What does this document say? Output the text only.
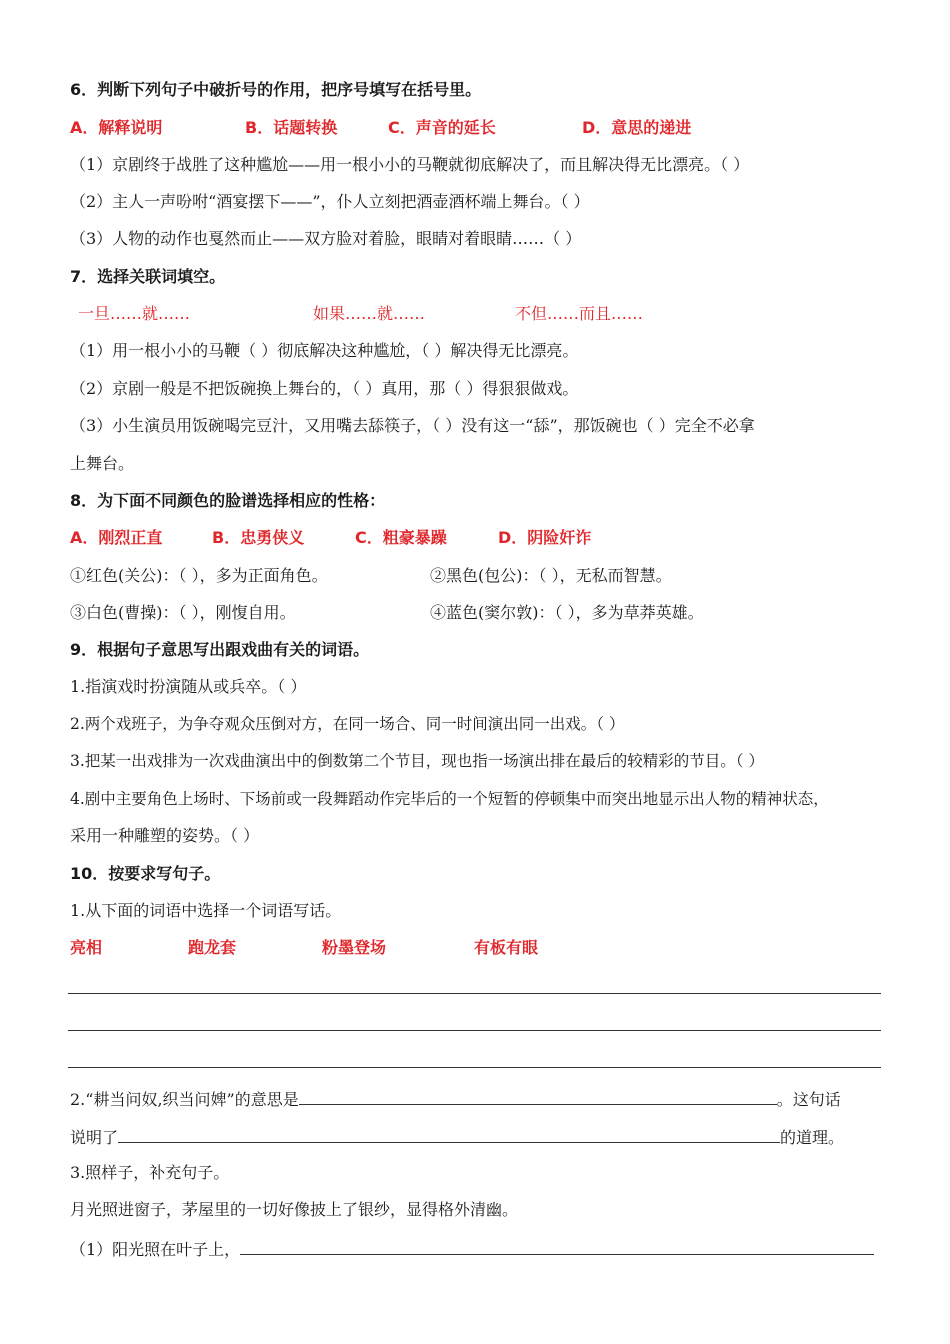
6．判断下列句子中破折号的作用，把序号填写在括号里。
A．解释说明	B．话题转换	C．声音的延长	D．意思的递进
（1）京剧终于战胜了这种尴尬——用一根小小的马鞭就彻底解决了，而且解决得无比漂亮。（ ）
（2）主人一声吩咐“酒宴摆下——”，仆人立刻把酒壶酒杯端上舞台。（ ）
（3）人物的动作也戛然而止——双方脸对着脸，眼睛对着眼睛……（ ）
7．选择关联词填空。
一旦……就……	如果……就……	不但……而且……
（1）用一根小小的马鞭（ ）彻底解决这种尴尬，（ ）解决得无比漂亮。
（2）京剧一般是不把饭碗换上舞台的，（ ）真用，那（ ）得狠狠做戏。
（3）小生演员用饭碗喝完豆汁，又用嘴去舔筷子，（ ）没有这一“舔”，那饭碗也（ ）完全不必拿
上舞台。
8．为下面不同颜色的脸谱选择相应的性格：
A．刚烈正直	B．忠勇侠义	C．粗豪暴躁	D．阴险奸诈
①红色(关公)：（ ），多为正面角色。	②黑色(包公)：（ ），无私而智慧。
③白色(曹操)：（ ），刚愎自用。	④蓝色(窦尔敦)：（ ），多为草莽英雄。
9．根据句子意思写出跟戏曲有关的词语。
1.指演戏时扮演随从或兵卒。（ ）
2.两个戏班子，为争夺观众压倒对方，在同一场合、同一时间演出同一出戏。（ ）
3.把某一出戏排为一次戏曲演出中的倒数第二个节目，现也指一场演出排在最后的较精彩的节目。（ ）
4.剧中主要角色上场时、下场前或一段舞蹈动作完毕后的一个短暂的停顿集中而突出地显示出人物的精神状态，
采用一种雕塑的姿势。（ ）
10．按要求写句子。
1.从下面的词语中选择一个词语写话。
亮相	跑龙套	粉墨登场	有板有眼
2.“耕当问奴,织当问婢”的意思是	。这句话
说明了	的道理。
3.照样子，补充句子。
月光照进窗子，茅屋里的一切好像披上了银纱，显得格外清幽。
（1）阳光照在叶子上，
